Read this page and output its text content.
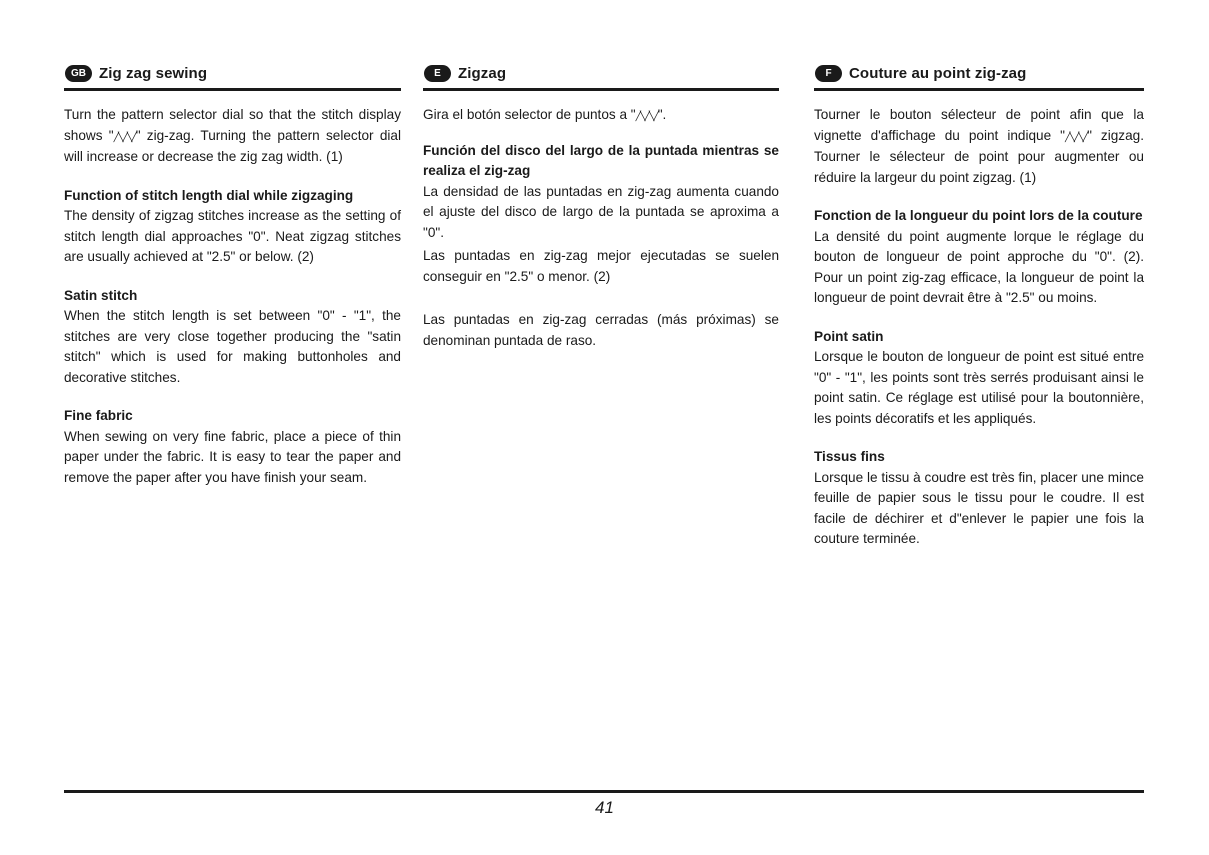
GB Zig zag sewing

Turn the pattern selector dial so that the stitch display shows "╱╲╱╲╱" zig-zag. Turning the pattern selector dial will increase or decrease the zig zag width. (1)

Function of stitch length dial while zigzaging

The density of zigzag stitches increase as the setting of stitch length dial approaches "0". Neat zigzag stitches are usually achieved at "2.5" or below. (2)

Satin stitch

When the stitch length is set between "0" - "1", the stitches are very close together producing the "satin stitch" which is used for making buttonholes and decorative stitches.

Fine fabric

When sewing on very fine fabric, place a piece of thin paper under the fabric. It is easy to tear the paper and remove the paper after you have finish your seam.

E	Zigzag

Gira el botón selector de puntos a "╱╲╱╲╱".

Función del disco del largo de la puntada mientras se realiza el zig-zag

La densidad de las puntadas en zig-zag aumenta cuando el ajuste del disco de largo de la puntada se aproxima a "0".

Las puntadas en zig-zag mejor ejecutadas se suelen conseguir en "2.5" o menor. (2)

Las puntadas en zig-zag cerradas (más próximas) se denominan puntada de raso.

F	Couture au point zig-zag

Tourner le bouton sélecteur de point afin que la vignette d'affichage du point indique "╱╲╱╲╱" zigzag. Tourner le sélecteur de point pour augmenter ou réduire la largeur du point zigzag. (1)

Fonction de la longueur du point lors de la couture

La densité du point augmente lorque le réglage du bouton de longueur de point approche du "0". (2). Pour un point zig-zag efficace, la longueur de point la longueur de point devrait être à "2.5" ou moins.

Point satin

Lorsque le bouton de longueur de point est situé entre "0" - "1", les points sont très serrés produisant ainsi le point satin. Ce réglage est utilisé pour la boutonnière, les points décoratifs et les appliqués.

Tissus fins

Lorsque le tissu à coudre est très fin, placer une mince feuille de papier sous le tissu pour le coudre. Il est facile de déchirer et d"enlever le papier une fois la couture terminée.

41
